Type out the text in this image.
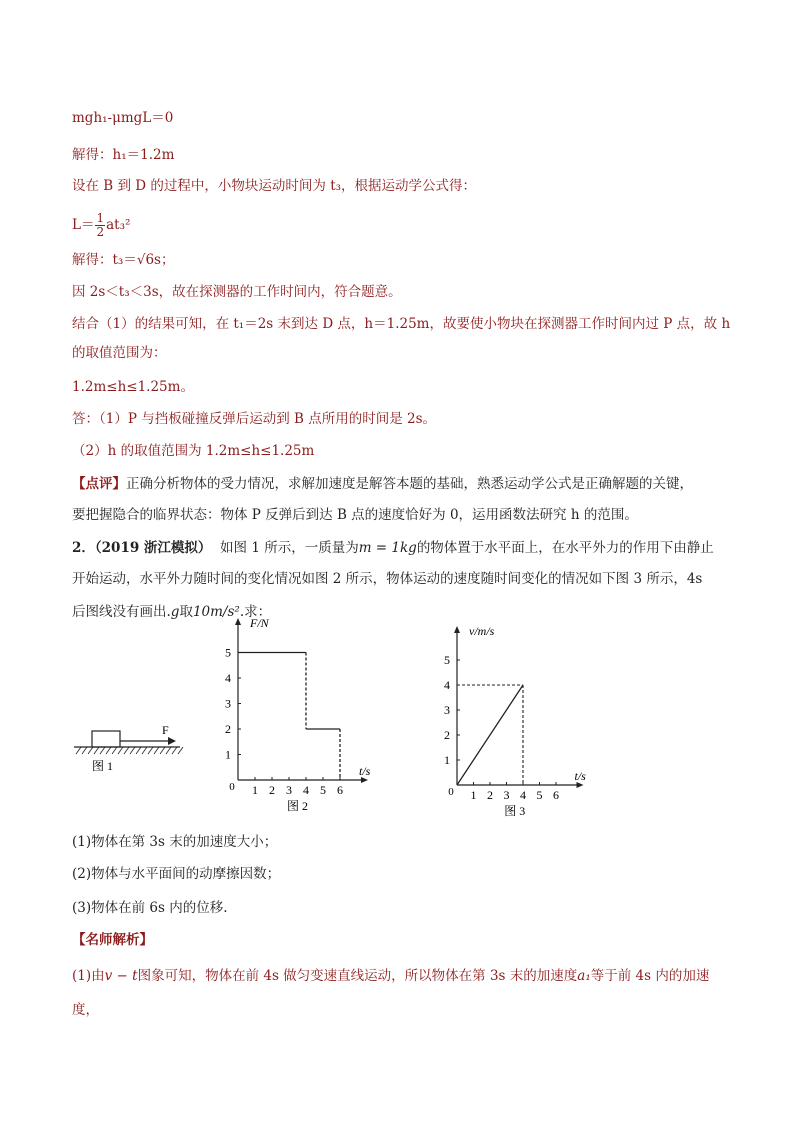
mgh₁-μmgL＝0
解得：h₁＝1.2m
设在 B 到 D 的过程中，小物块运动时间为 t₃，根据运动学公式得：
$L= \frac{1}{2} at_3^2$
解得：t₃＝√6s；
因 2s＜t₃＜3s，故在探测器的工作时间内，符合题意。
结合（1）的结果可知，在 t₁＝2s 末到达 D 点，h＝1.25m，故要使小物块在探测器工作时间内过 P 点，故 h
的取值范围为：
1.2m≤h≤1.25m。
答：（1）P 与挡板碰撞反弹后运动到 B 点所用的时间是 2s。
（2）h 的取值范围为 1.2m≤h≤1.25m
【点评】正确分析物体的受力情况，求解加速度是解答本题的基础，熟悉运动学公式是正确解题的关键，
要把握隐合的临界状态：物体 P 反弹后到达 B 点的速度恰好为 0，运用函数法研究 h 的范围。
2．（2019 浙江模拟） 如图 1 所示，一质量为m = 1kg的物体置于水平面上，在水平外力的作用下由静止
开始运动，水平外力随时间的变化情况如图 2 所示，物体运动的速度随时间变化的情况如下图 3 所示，4s
后图线没有画出.g取10m/s².求：
F
图 1
1 2 3 4 5 6
1
2
3
4
5
0
F/N
t/s
图 2
1 2 3 4 5 6
1
2
3
4
5
0
v/m/s
t/s
图 3
(1)物体在第 3s 末的加速度大小；
(2)物体与水平面间的动摩擦因数；
(3)物体在前 6s 内的位移.
【名师解析】
(1)由v − t图象可知，物体在前 4s 做匀变速直线运动，所以物体在第 3s 末的加速度a₁等于前 4s 内的加速
度，
